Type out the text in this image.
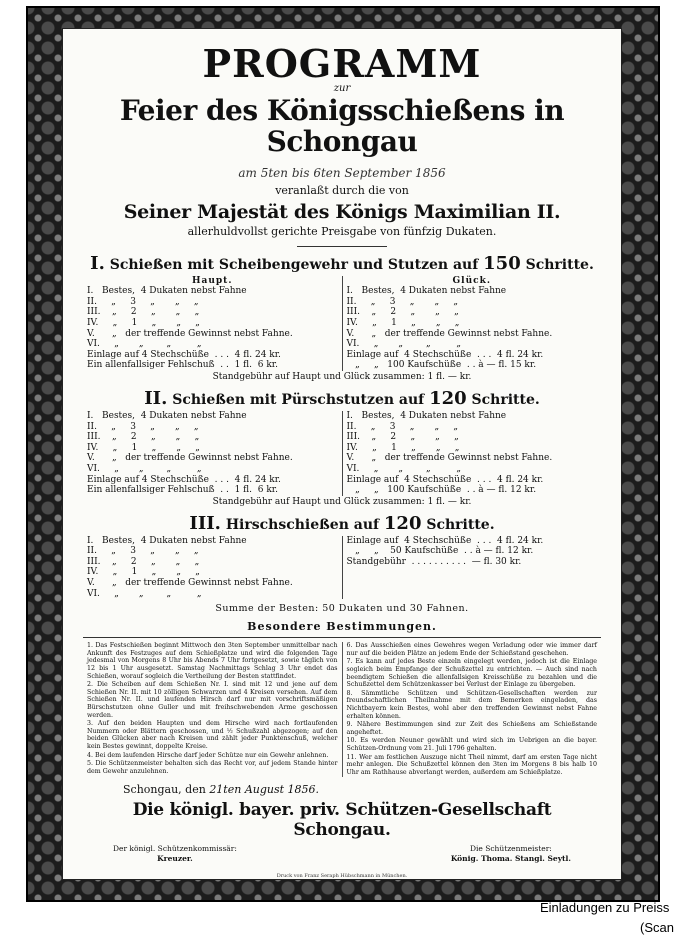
PROGRAMM
zur
Feier des Königsschießens in Schongau
am 5ten bis 6ten September 1856
veranlaßt durch die von
Seiner Majestät des Königs Maximilian II.
allerhuldvollst gerichte Preisgabe von fünfzig Dukaten.
I. Schießen mit Scheibengewehr und Stutzen auf 150 Schritte.
Haupt.
I.   Bestes,  4 Dukaten nebst Fahne
II.     „     3     „       „     „
III.    „     2     „       „     „
IV.     „     1     „       „     „
V.      „   der treffende Gewinnst nebst Fahne.
VI.     „       „        „         „
Einlage auf 4 Stechschüße  . . .  4 fl. 24 kr.
Ein allenfallsiger Fehlschuß  . .  1 fl.  6 kr.
Glück.
I.   Bestes,  4 Dukaten nebst Fahne
II.     „     3     „       „     „
III.    „     2     „       „     „
IV.     „     1     „       „     „
V.      „   der treffende Gewinnst nebst Fahne.
VI.     „       „        „         „
Einlage auf  4 Stechschüße  . . .  4 fl. 24 kr.
„     „   100 Kaufschüße  . . à — fl. 15 kr.
Standgebühr auf Haupt und Glück zusammen: 1 fl. — kr.
II. Schießen mit Pürschstutzen auf 120 Schritte.
I.   Bestes,  4 Dukaten nebst Fahne
II.     „     3     „       „     „
III.    „     2     „       „     „
IV.     „     1     „       „     „
V.      „   der treffende Gewinnst nebst Fahne.
VI.     „       „        „         „
Einlage auf 4 Stechschüße  . . .  4 fl. 24 kr.
Ein allenfallsiger Fehlschuß  . .  1 fl.  6 kr.
I.   Bestes,  4 Dukaten nebst Fahne
II.     „     3     „       „     „
III.    „     2     „       „     „
IV.     „     1     „       „     „
V.      „   der treffende Gewinnst nebst Fahne.
VI.     „       „        „         „
Einlage auf  4 Stechschüße  . . .  4 fl. 24 kr.
„     „   100 Kaufschüße  . . à — fl. 12 kr.
Standgebühr auf Haupt und Glück zusammen: 1 fl. — kr.
III. Hirschschießen auf 120 Schritte.
I.   Bestes,  4 Dukaten nebst Fahne
II.     „     3     „       „     „
III.    „     2     „       „     „
IV.     „     1     „       „     „
V.      „   der treffende Gewinnst nebst Fahne.
VI.     „       „        „         „
Einlage auf  4 Stechschüße  . . .  4 fl. 24 kr.
„     „    50 Kaufschüße  . . à — fl. 12 kr.
Standgebühr  . . . . . . . . . .  — fl. 30 kr.
Summe der Besten: 50 Dukaten und 30 Fahnen.
Besondere Bestimmungen.

1. Das Festschießen beginnt Mittwoch den 3ten September unmittelbar nach Ankunft des Festzuges auf dem Schießplatze und wird die folgenden Tage jedesmal von Morgens 8 Uhr bis Abends 7 Uhr fortgesetzt, sowie täglich von 12 bis 1 Uhr ausgesetzt. Samstag Nachmittags Schlag 3 Uhr endet das Schießen, worauf sogleich die Vertheilung der Besten stattfindet.

2. Die Scheiben auf dem Schießen Nr. I. sind mit 12 und jene auf dem Schießen Nr. II. mit 10 zölligen Schwarzen und 4 Kreisen versehen. Auf dem Schießen Nr. II. und laufenden Hirsch darf nur mit vorschriftsmäßigen Bürschstutzen ohne Guller und mit freihschwebenden Arme geschossen werden.

3. Auf den beiden Haupten und dem Hirsche wird nach fortlaufenden Nummern oder Blättern geschossen, und ½ Schußzahl abgezogen; auf den beiden Glücken aber nach Kreisen und zählt jeder Punktenschuß, welcher kein Bestes gewinnt, doppelte Kreise.

4. Bei dem laufenden Hirsche darf jeder Schütze nur ein Gewehr anlehnen.

5. Die Schützenmeister behalten sich das Recht vor, auf jedem Stande hinter dem Gewehr anzulehnen.

6. Das Ausschießen eines Gewehres wegen Verladung oder wie immer darf nur auf die beiden Plätze an jedem Ende der Schießstand geschehen.

7. Es kann auf jedes Beste einzeln eingelegt werden, jedoch ist die Einlage sogleich beim Empfange der Schußzettel zu entrichten. — Auch sind nach beendigtem Schießen die allenfallsigen Kreisschüße zu bezahlen und die Schußzettel dem Schützenkasser bei Verlust der Einlage zu übergeben.

8. Sämmtliche Schützen und Schützen-Gesellschaften werden zur freundschaftlichen Theilnahme mit dem Bemerken eingeladen, das Nichtbayern kein Bestes, wohl aber den treffenden Gewinnst nebst Fahne erhalten können.

9. Nähere Bestimmungen sind zur Zeit des Schießens am Schießstande angeheftet.

10. Es werden Neuner gewählt und wird sich im Uebrigen an die bayer. Schützen-Ordnung vom 21. Juli 1796 gehalten.

11. Wer am festlichen Auszuge nicht Theil nimmt, darf am ersten Tage nicht mehr anlegen. Die Schußzettel können den 3ten im Morgens 8 bis halb 10 Uhr am Rathhause abverlangt werden, außerdem am Schießplatze.

Schongau, den 21ten August 1856.
Die königl. bayer. priv. Schützen-Gesellschaft Schongau.
Der königl. Schützenkommissär:
Kreuzer.
Die Schützenmeister:
König. Thoma. Stangl. Seytl.
Druck von Franz Seraph Hübschmann in München.
Einladungen zu Preiss
(Scan
